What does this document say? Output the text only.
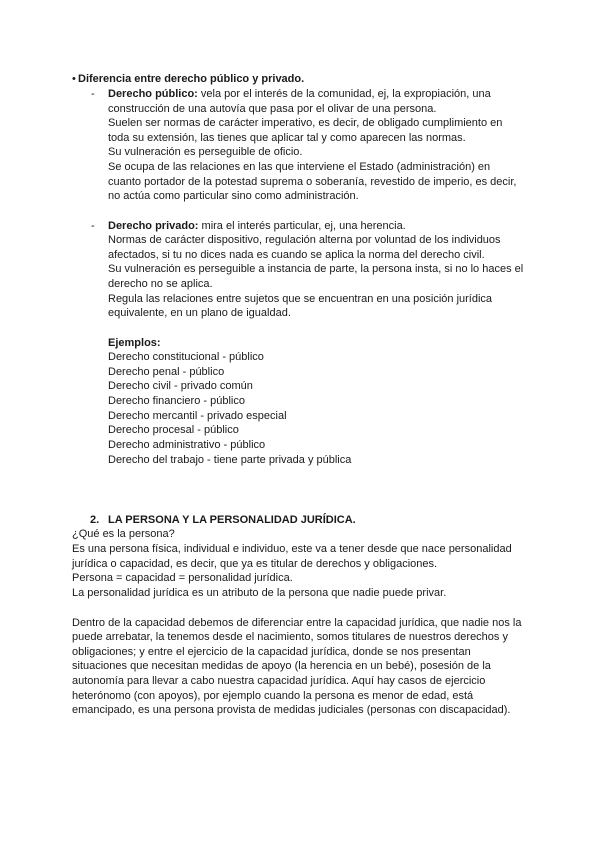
• Diferencia entre derecho público y privado.
- Derecho público: vela por el interés de la comunidad, ej, la expropiación, una
construcción de una autovía que pasa por el olivar de una persona.
Suelen ser normas de carácter imperativo, es decir, de obligado cumplimiento en
toda su extensión, las tienes que aplicar tal y como aparecen las normas.
Su vulneración es perseguible de oficio.
Se ocupa de las relaciones en las que interviene el Estado (administración) en
cuanto portador de la potestad suprema o soberanía, revestido de imperio, es decir,
no actúa como particular sino como administración.
- Derecho privado: mira el interés particular, ej, una herencia.
Normas de carácter dispositivo, regulación alterna por voluntad de los individuos
afectados, si tu no dices nada es cuando se aplica la norma del derecho civil.
Su vulneración es perseguible a instancia de parte, la persona insta, si no lo haces el
derecho no se aplica.
Regula las relaciones entre sujetos que se encuentran en una posición jurídica
equivalente, en un plano de igualdad.
Ejemplos:
Derecho constitucional - público
Derecho penal - público
Derecho civil - privado común
Derecho financiero - público
Derecho mercantil - privado especial
Derecho procesal - público
Derecho administrativo - público
Derecho del trabajo - tiene parte privada y pública
2. LA PERSONA Y LA PERSONALIDAD JURÍDICA.
¿Qué es la persona?
Es una persona física, individual e individuo, este va a tener desde que nace personalidad
jurídica o capacidad, es decir, que ya es titular de derechos y obligaciones.
Persona = capacidad = personalidad jurídica.
La personalidad jurídica es un atributo de la persona que nadie puede privar.
Dentro de la capacidad debemos de diferenciar entre la capacidad jurídica, que nadie nos la
puede arrebatar, la tenemos desde el nacimiento, somos titulares de nuestros derechos y
obligaciones; y entre el ejercicio de la capacidad jurídica, donde se nos presentan
situaciones que necesitan medidas de apoyo (la herencia en un bebé), posesión de la
autonomía para llevar a cabo nuestra capacidad jurídica. Aquí hay casos de ejercicio
heterónomo (con apoyos), por ejemplo cuando la persona es menor de edad, está
emancipado, es una persona provista de medidas judiciales (personas con discapacidad).
